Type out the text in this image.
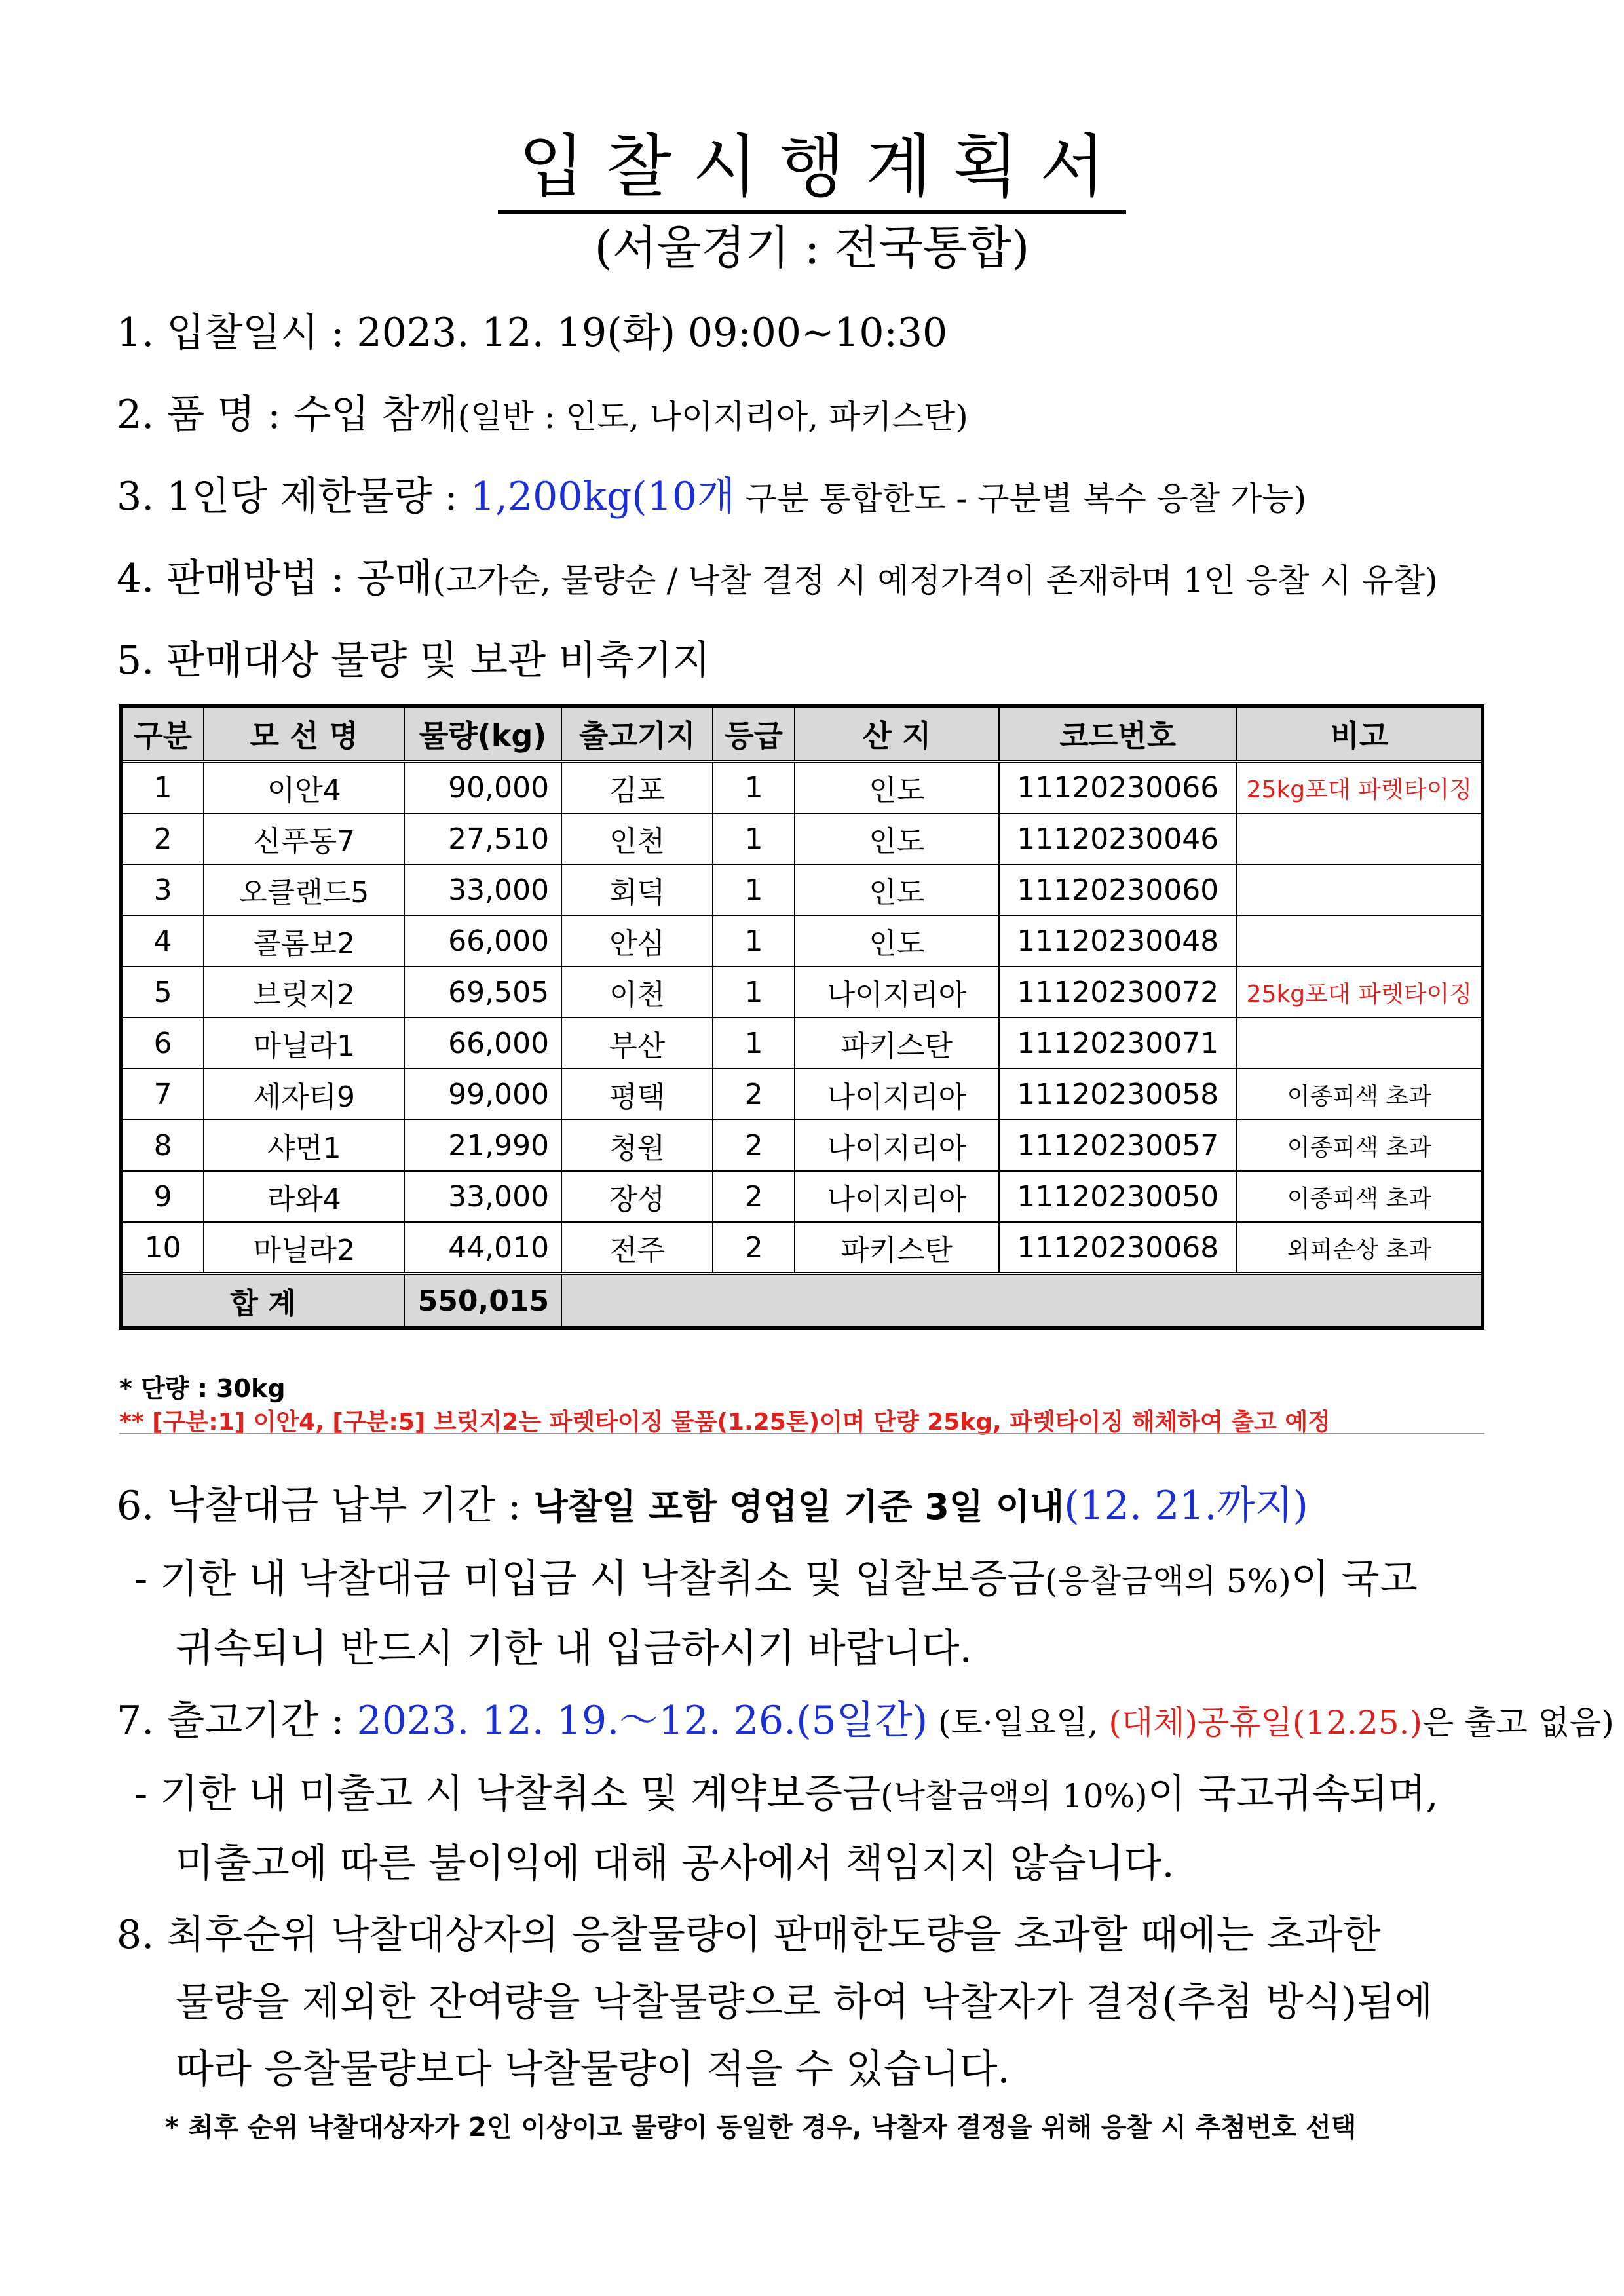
입찰시행계획서
(서울경기 : 전국통합)
1. 입찰일시 : 2023. 12. 19(화) 09:00~10:30
2. 품 명 : 수입 참깨(일반 : 인도, 나이지리아, 파키스탄)
3. 1인당 제한물량 : 1,200kg(10개 구분 통합한도 - 구분별 복수 응찰 가능)
4. 판매방법 : 공매(고가순, 물량순 / 낙찰 결정 시 예정가격이 존재하며 1인 응찰 시 유찰)
5. 판매대상 물량 및 보관 비축기지
구분	모 선 명	물량(kg)	출고기지	등급	산 지	코드번호	비고
1	이안4	90,000	김포	1	인도	11120230066	25kg포대 파렛타이징
2	신푸동7	27,510	인천	1	인도	11120230046	
3	오클랜드5	33,000	회덕	1	인도	11120230060	
4	콜롬보2	66,000	안심	1	인도	11120230048	
5	브릿지2	69,505	이천	1	나이지리아	11120230072	25kg포대 파렛타이징
6	마닐라1	66,000	부산	1	파키스탄	11120230071	
7	세자티9	99,000	평택	2	나이지리아	11120230058	이종피색 초과
8	샤먼1	21,990	청원	2	나이지리아	11120230057	이종피색 초과
9	라와4	33,000	장성	2	나이지리아	11120230050	이종피색 초과
10	마닐라2	44,010	전주	2	파키스탄	11120230068	외피손상 초과
합 계		550,015					
* 단량 : 30kg
** [구분:1] 이안4, [구분:5] 브릿지2는 파렛타이징 물품(1.25톤)이며 단량 25kg, 파렛타이징 해체하여 출고 예정
6. 낙찰대금 납부 기간 : 낙찰일 포함 영업일 기준 3일 이내(12. 21.까지)
- 기한 내 낙찰대금 미입금 시 낙찰취소 및 입찰보증금(응찰금액의 5%)이 국고
귀속되니 반드시 기한 내 입금하시기 바랍니다.
7. 출고기간 : 2023. 12. 19.～12. 26.(5일간) (토·일요일, (대체)공휴일(12.25.)은 출고 없음)
- 기한 내 미출고 시 낙찰취소 및 계약보증금(낙찰금액의 10%)이 국고귀속되며,
미출고에 따른 불이익에 대해 공사에서 책임지지 않습니다.
8. 최후순위 낙찰대상자의 응찰물량이 판매한도량을 초과할 때에는 초과한
물량을 제외한 잔여량을 낙찰물량으로 하여 낙찰자가 결정(추첨 방식)됨에
따라 응찰물량보다 낙찰물량이 적을 수 있습니다.
* 최후 순위 낙찰대상자가 2인 이상이고 물량이 동일한 경우, 낙찰자 결정을 위해 응찰 시 추첨번호 선택
